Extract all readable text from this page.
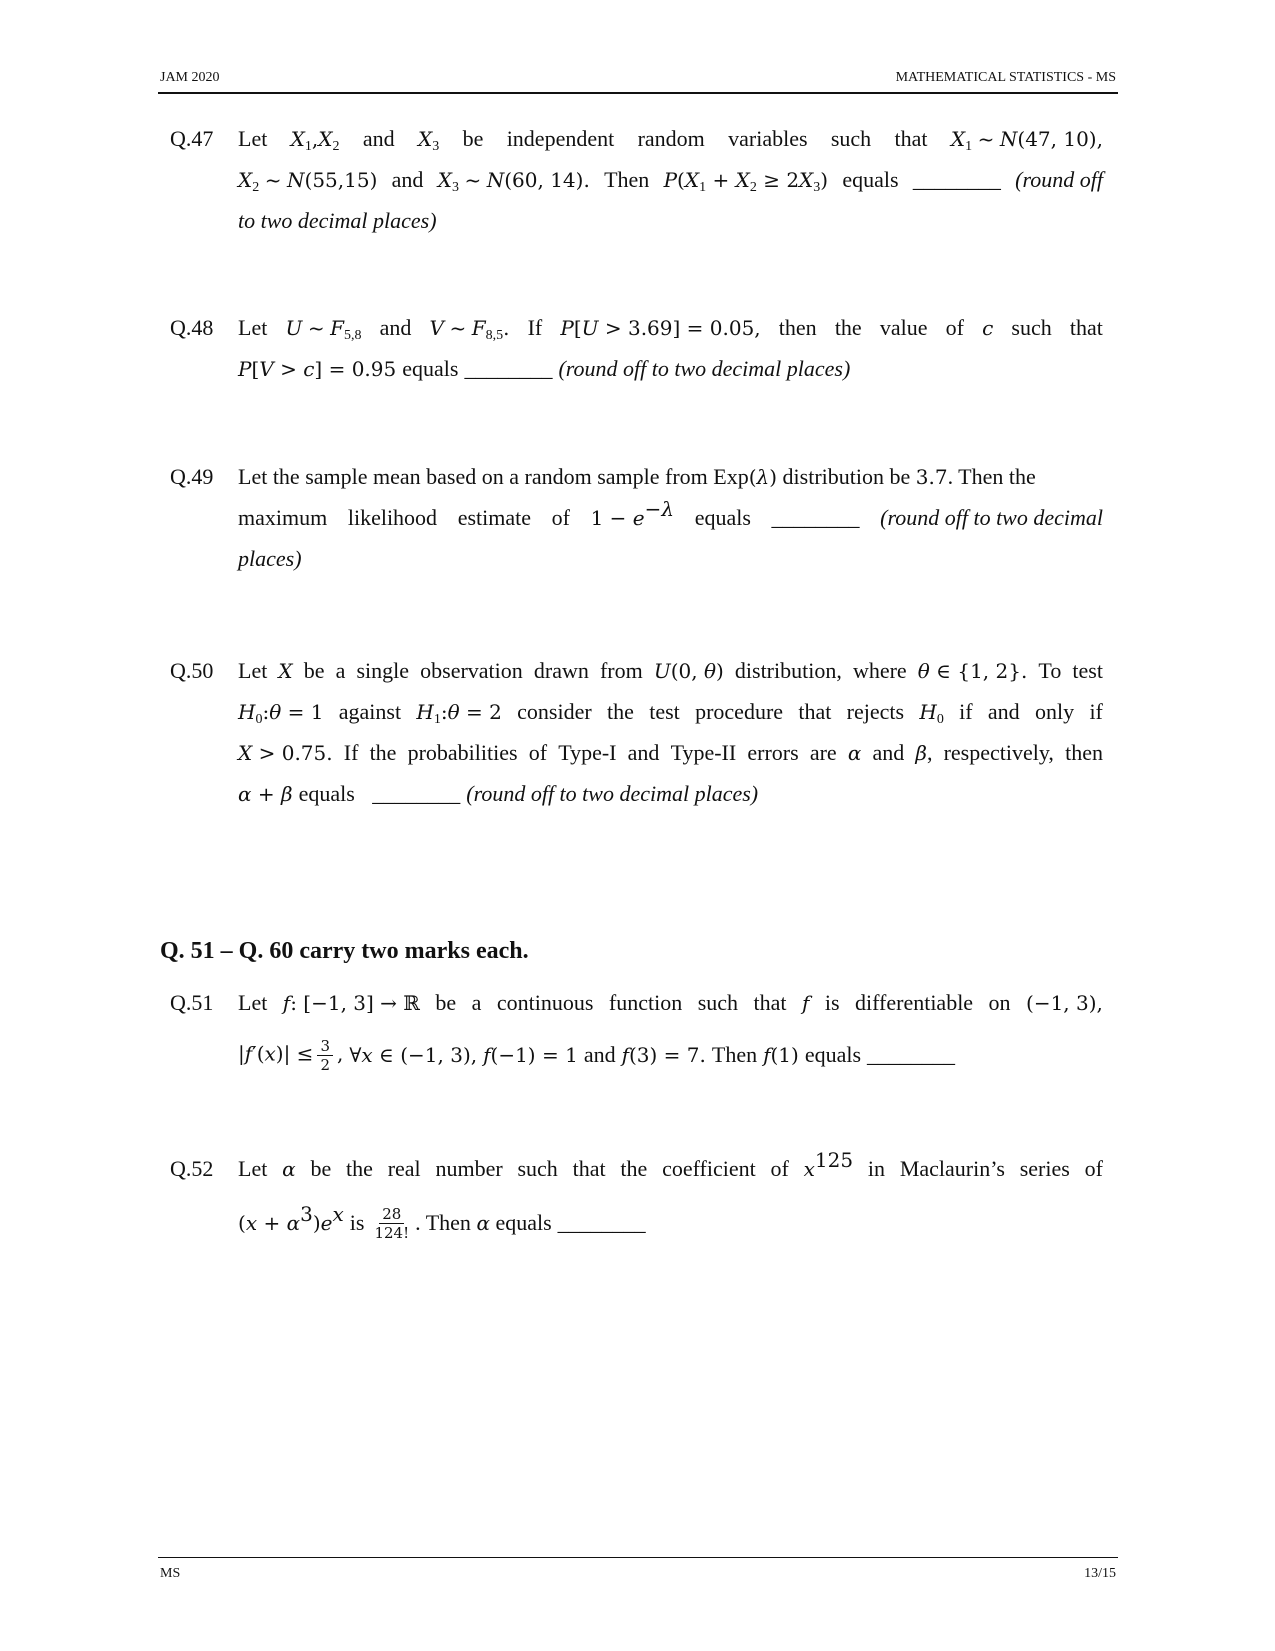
JAM 2020	MATHEMATICAL STATISTICS - MS
Q.47 Let $X_1,X_2$ and $X_3$ be independent random variables such that $X_1$ ~ N(47, 10),
$X_2$ ~ N(55,15) and $X_3$ ~ N(60, 14). Then $P(X_1 + X_2 \ge 2X_3)$ equals ________ (round off
to two decimal places)
Q.48 Let U ~ $F_{5,8}$ and V ~ $F_{8,5}$. If P[U > 3.69] = 0.05, then the value of c such that
P[V > c] = 0.95 equals ________ (round off to two decimal places)
Q.49 Let the sample mean based on a random sample from Exp(λ) distribution be 3.7. Then the
maximum likelihood estimate of $1 - e^{-\lambda}$ equals ________ (round off to two decimal
places)
Q.50 Let X be a single observation drawn from U(0, θ) distribution, where θ ∈ {1, 2}. To test
$H_0:\theta = 1$ against $H_1:\theta = 2$ consider the test procedure that rejects $H_0$ if and only if
X > 0.75. If the probabilities of Type-I and Type-II errors are α and β, respectively, then
α + β equals
________ (round off to two decimal places)
Q. 51 – Q. 60 carry two marks each.
Q.51 Let f: [−1, 3] → ℝ be a continuous function such that f is differentiable on (−1, 3),
$|f'(x)| \le \frac{3}{2}$ , ∀x ∈ (−1, 3), f(−1) = 1 and f(3) = 7. Then f(1) equals ________
Q.52 Let α be the real number such that the coefficient of $x^{125}$ in Maclaurin’s series of
$(x + \alpha^3)e^x$ is $\frac{28}{124!}$ . Then α equals ________
MS	13/15
